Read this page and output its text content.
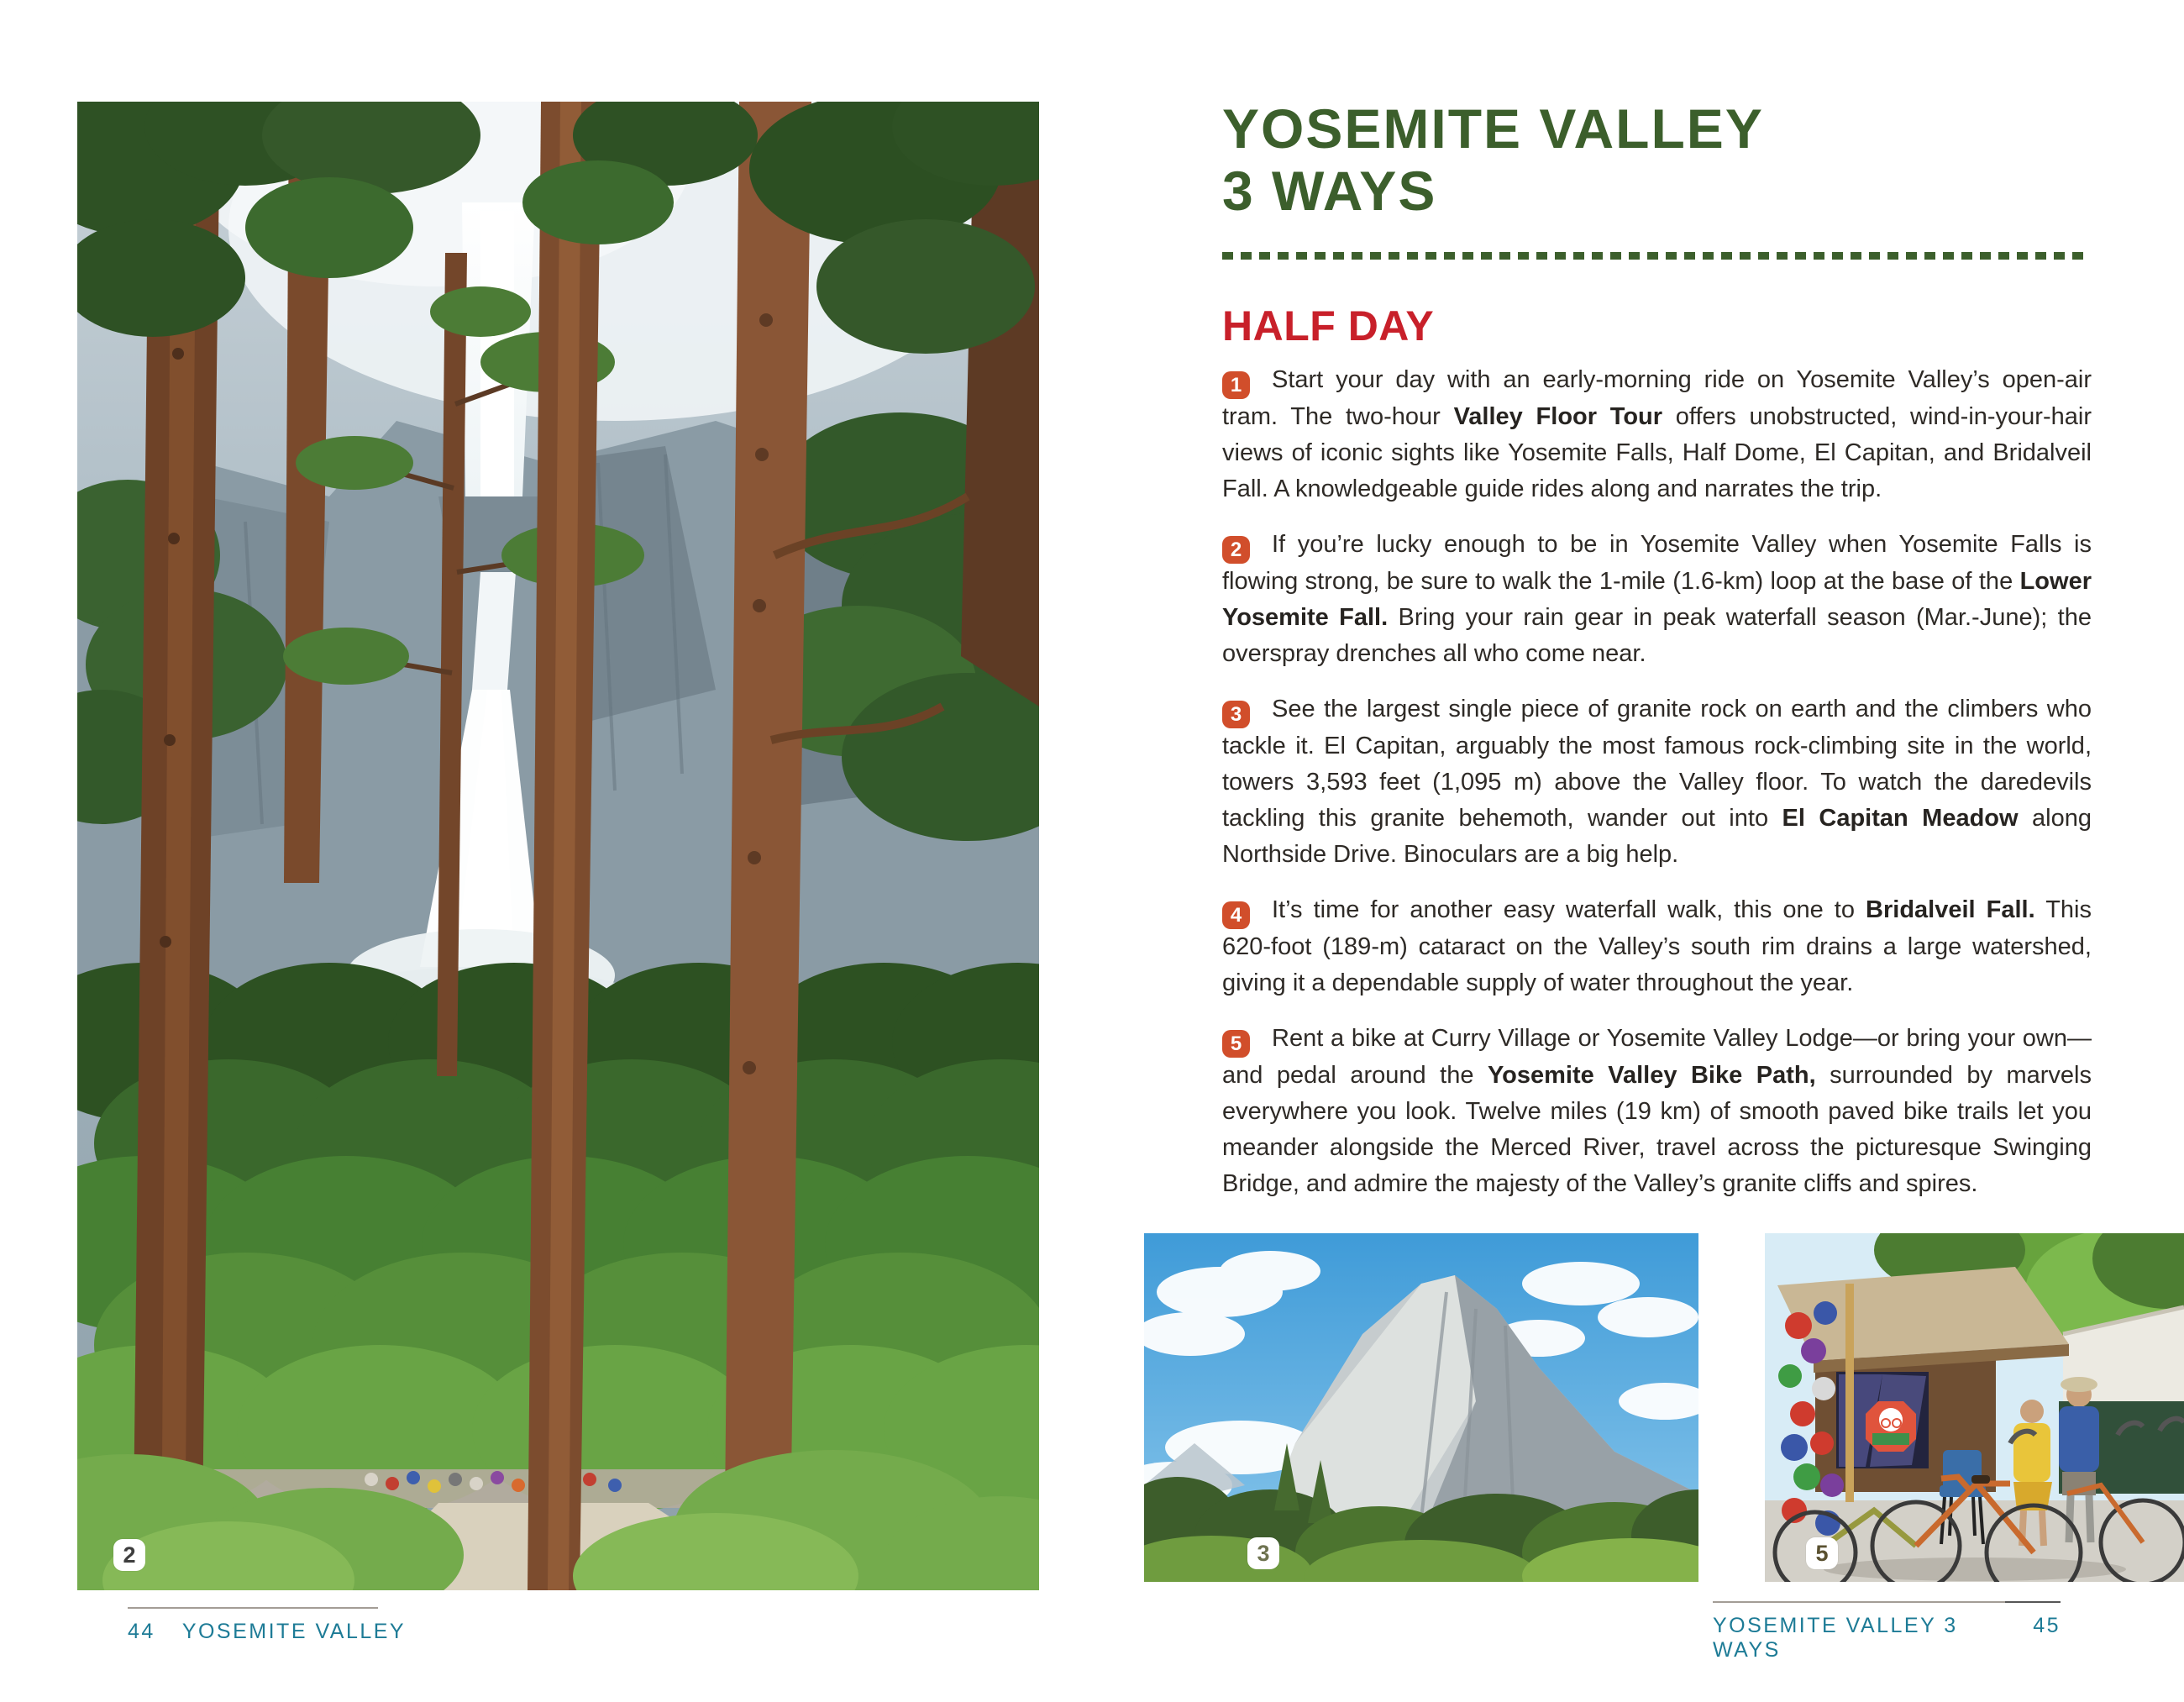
2
44 YOSEMITE VALLEY
YOSEMITE VALLEY
3 WAYS
HALF DAY

1 Start your day with an early-morning ride on Yosemite Valley’s open-air tram. The two-hour Valley Floor Tour offers unobstructed, wind-in-your-hair views of iconic sights like Yosemite Falls, Half Dome, El Capitan, and Bridalveil Fall. A knowledgeable guide rides along and narrates the trip.

2 If you’re lucky enough to be in Yosemite Valley when Yosemite Falls is flowing strong, be sure to walk the 1-mile (1.6-km) loop at the base of the Lower Yosemite Fall. Bring your rain gear in peak waterfall season (Mar.-June); the overspray drenches all who come near.

3 See the largest single piece of granite rock on earth and the climbers who tackle it. El Capitan, arguably the most famous rock-climbing site in the world, towers 3,593 feet (1,095 m) above the Valley floor. To watch the daredevils tackling this granite behemoth, wander out into El Capitan Meadow along Northside Drive. Binoculars are a big help.

4 It’s time for another easy waterfall walk, this one to Bridalveil Fall. This 620-foot (189-m) cataract on the Valley’s south rim drains a large watershed, giving it a dependable supply of water throughout the year.

5 Rent a bike at Curry Village or Yosemite Valley Lodge—or bring your own—and pedal around the Yosemite Valley Bike Path, surrounded by marvels everywhere you look. Twelve miles (19 km) of smooth paved bike trails let you meander alongside the Merced River, travel across the picturesque Swinging Bridge, and admire the majesty of the Valley’s granite cliffs and spires.

3	5
YOSEMITE VALLEY 3 WAYS
45
